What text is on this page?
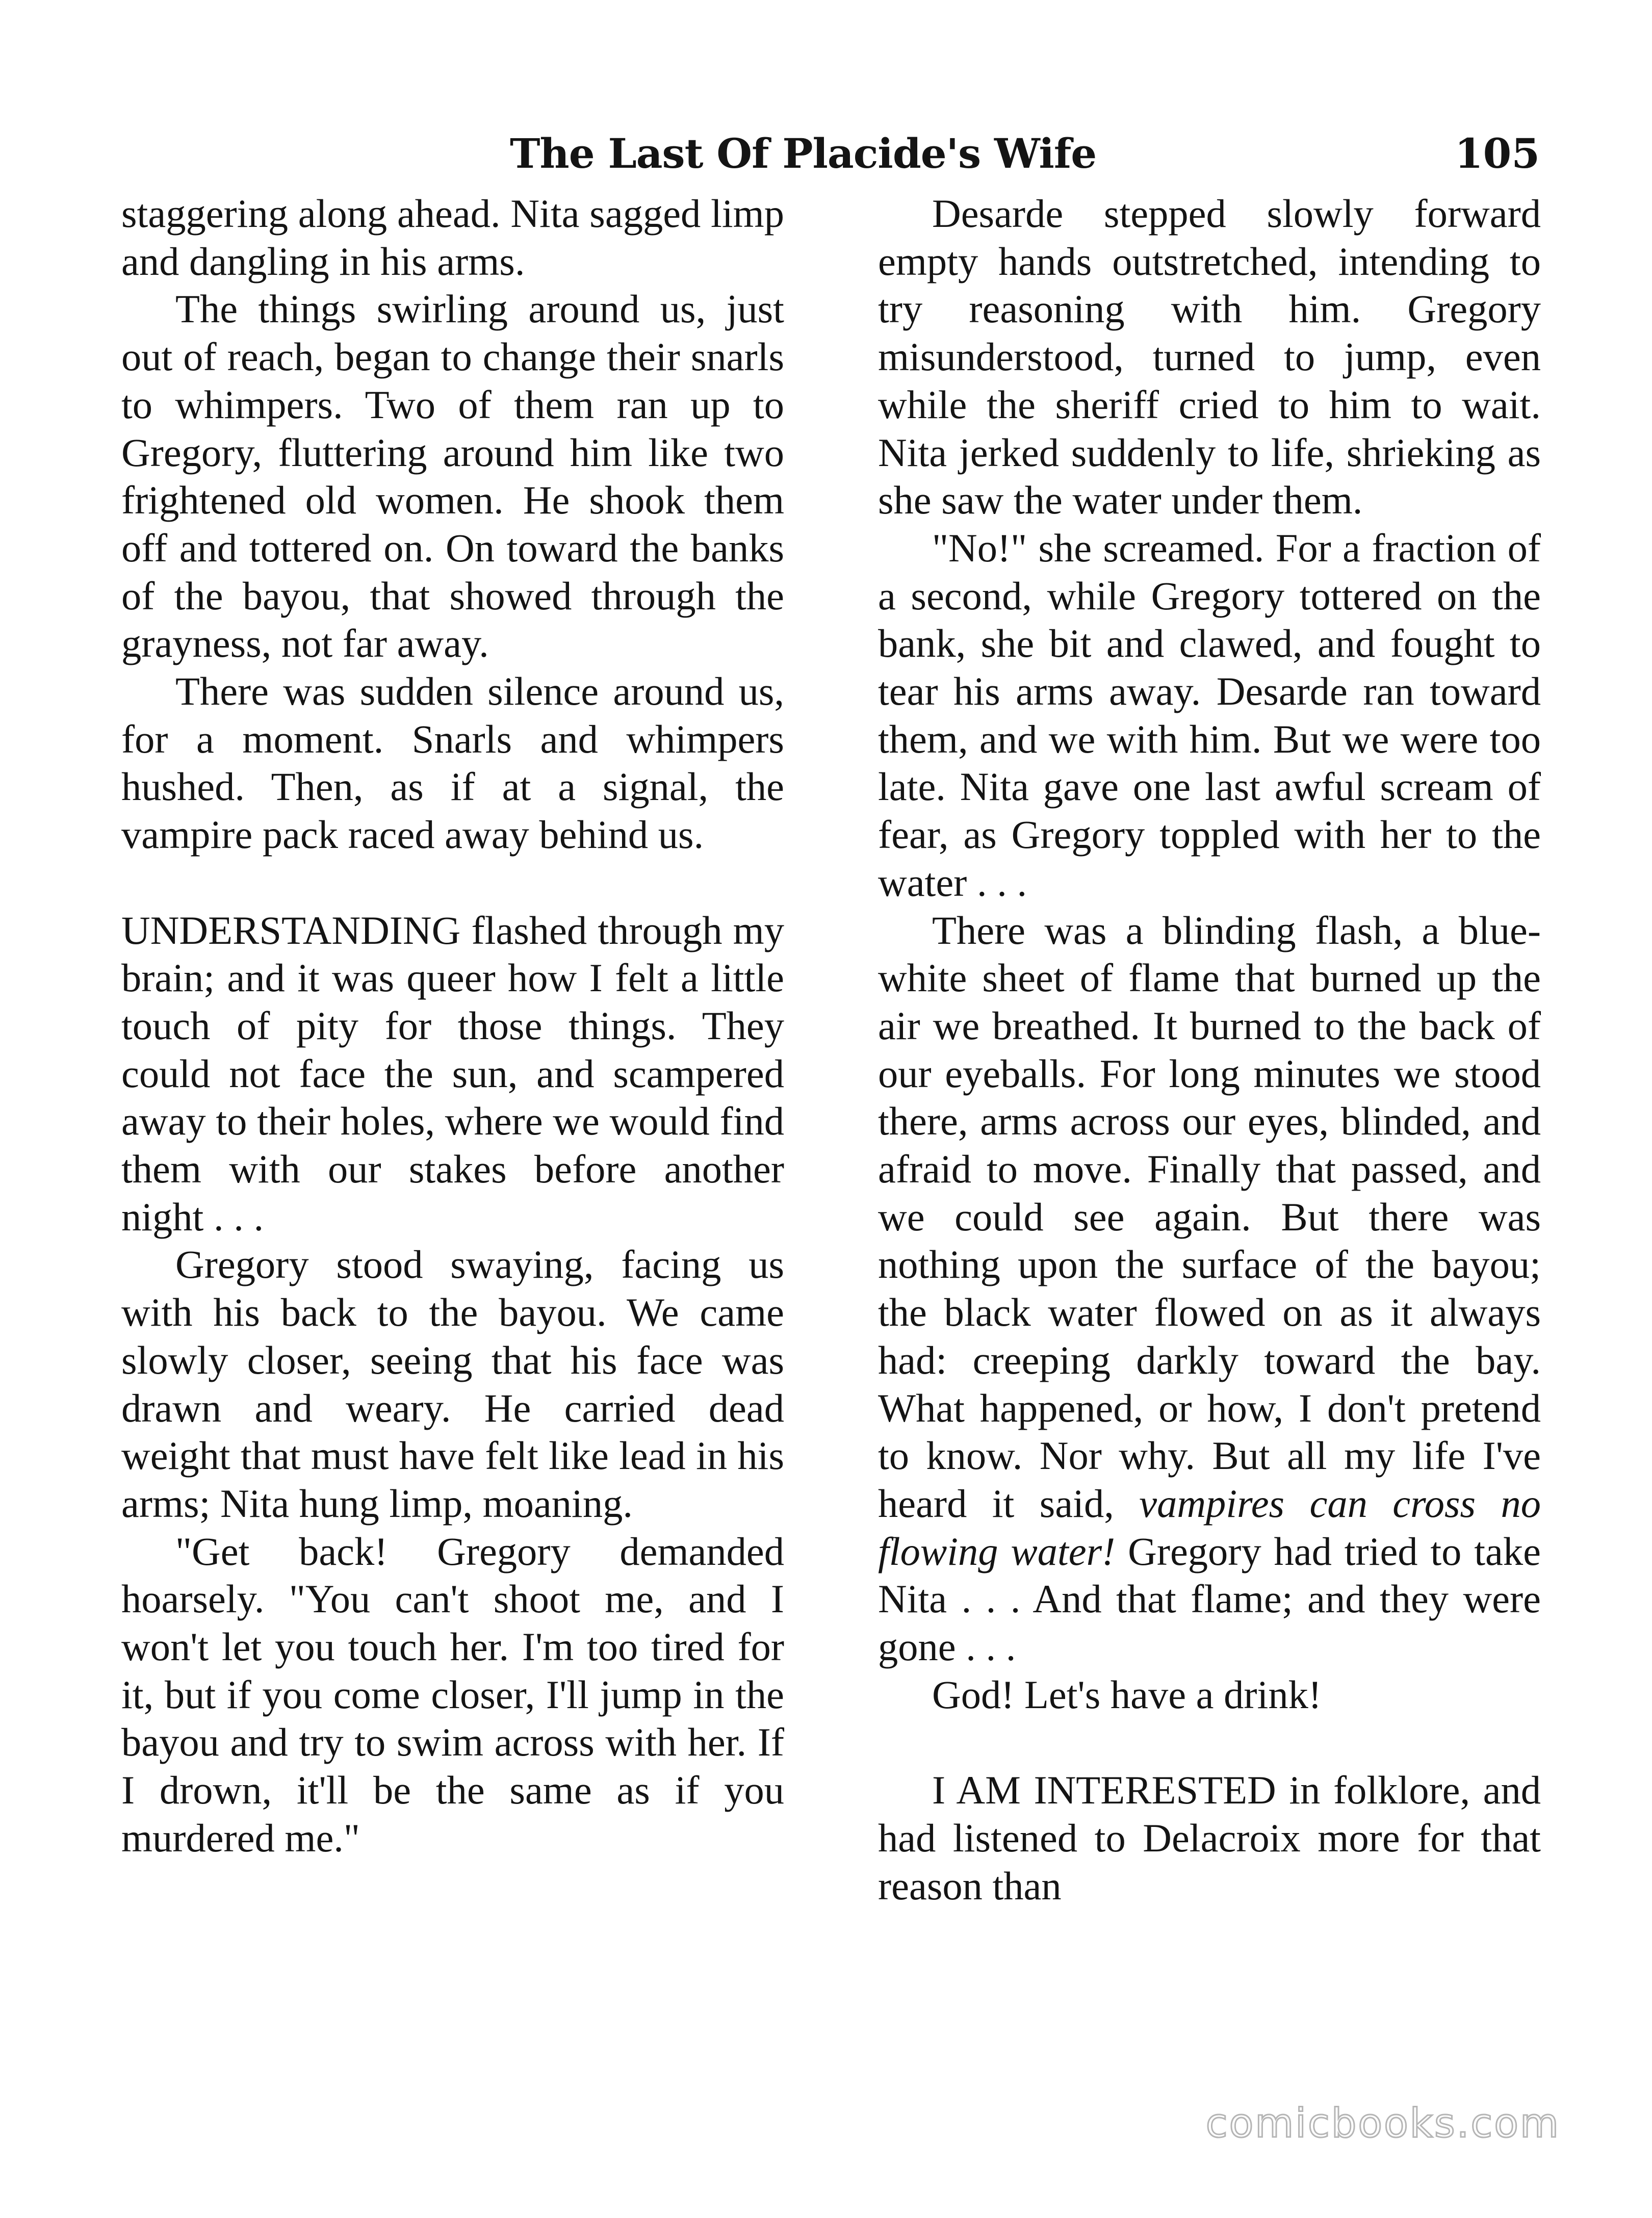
The Last Of Placide's Wife	105

staggering along ahead. Nita sagged limp and dangling in his arms.

The things swirling around us, just out of reach, began to change their snarls to whimpers. Two of them ran up to Gregory, fluttering around him like two frightened old women. He shook them off and tottered on. On toward the banks of the bayou, that showed through the grayness, not far away.

There was sudden silence around us, for a moment. Snarls and whimpers hushed. Then, as if at a signal, the vampire pack raced away behind us.

UNDERSTANDING flashed through my brain; and it was queer how I felt a little touch of pity for those things. They could not face the sun, and scampered away to their holes, where we would find them with our stakes before another night . . .

Gregory stood swaying, facing us with his back to the bayou. We came slowly closer, seeing that his face was drawn and weary. He carried dead weight that must have felt like lead in his arms; Nita hung limp, moaning.

"Get back! Gregory demanded hoarsely. "You can't shoot me, and I won't let you touch her. I'm too tired for it, but if you come closer, I'll jump in the bayou and try to swim across with her. If I drown, it'll be the same as if you murdered me."

Desarde stepped slowly forward empty hands outstretched, intending to try reasoning with him. Gregory misunderstood, turned to jump, even while the sheriff cried to him to wait. Nita jerked suddenly to life, shrieking as she saw the water under them.

"No!" she screamed. For a fraction of a second, while Gregory tottered on the bank, she bit and clawed, and fought to tear his arms away. Desarde ran toward them, and we with him. But we were too late. Nita gave one last awful scream of fear, as Gregory toppled with her to the water . . .

There was a blinding flash, a blue-white sheet of flame that burned up the air we breathed. It burned to the back of our eyeballs. For long minutes we stood there, arms across our eyes, blinded, and afraid to move. Finally that passed, and we could see again. But there was nothing upon the surface of the bayou; the black water flowed on as it always had: creeping darkly toward the bay. What happened, or how, I don't pretend to know. Nor why. But all my life I've heard it said, vampires can cross no flowing water! Gregory had tried to take Nita . . . And that flame; and they were gone . . .

God! Let's have a drink!

I AM INTERESTED in folklore, and had listened to Delacroix more for that reason than

comicbooks.com
